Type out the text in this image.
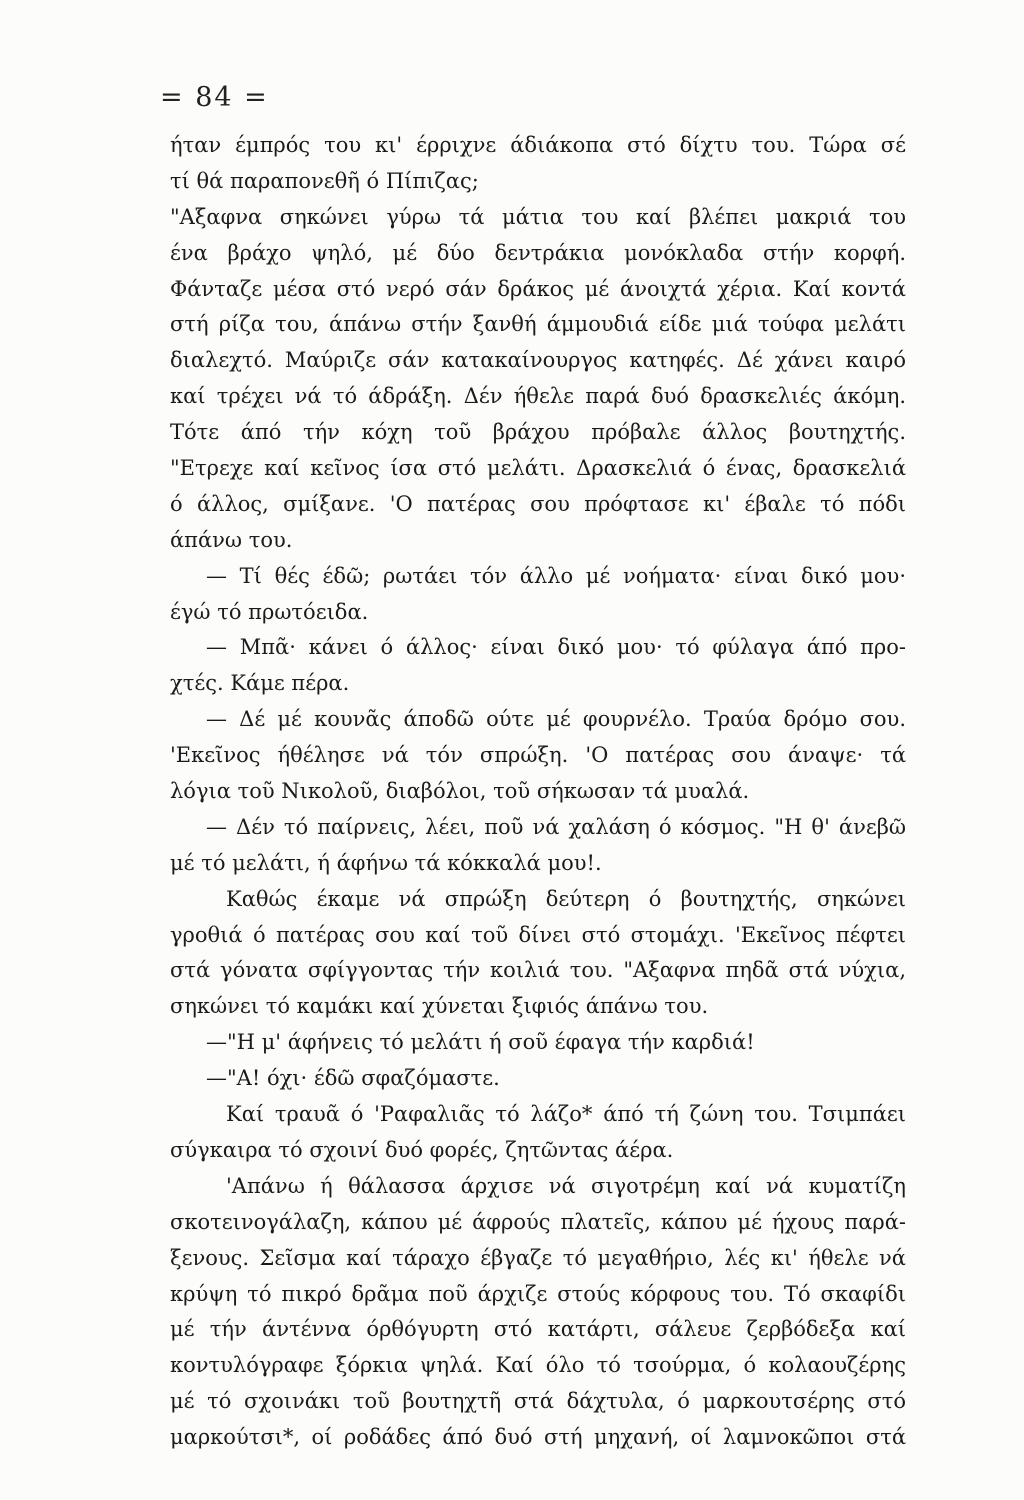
= 84 =
ήταν έμπρός του κι' έρριχνε άδιάκοπα στό δίχτυ του. Τώρα σέ
τί θά παραπονεθῆ ό Πίπιζας;
"Αξαφνα σηκώνει γύρω τά μάτια του καί βλέπει μακριά του
ένα βράχο ψηλό, μέ δύο δεντράκια μονόκλαδα στήν κορφή.
Φάνταζε μέσα στό νερό σάν δράκος μέ άνοιχτά χέρια. Καί κοντά
στή ρίζα του, άπάνω στήν ξανθή άμμουδιά είδε μιά τούφα μελάτι
διαλεχτό. Μαύριζε σάν κατακαίνουργος κατηφές. Δέ χάνει καιρό
καί τρέχει νά τό άδράξη. Δέν ήθελε παρά δυό δρασκελιές άκόμη.
Τότε άπό τήν κόχη τοῦ βράχου πρόβαλε άλλος βουτηχτής.
"Ετρεχε καί κεῖνος ίσα στό μελάτι. Δρασκελιά ό ένας, δρασκελιά
ό άλλος, σμίξανε. 'Ο πατέρας σου πρόφτασε κι' έβαλε τό πόδι
άπάνω του.
— Τί θές έδῶ; ρωτάει τόν άλλο μέ νοήματα· είναι δικό μου·
έγώ τό πρωτόειδα.
— Μπᾶ· κάνει ό άλλος· είναι δικό μου· τό φύλαγα άπό προ-
χτές. Κάμε πέρα.
— Δέ μέ κουνᾶς άποδῶ ούτε μέ φουρνέλο. Τραύα δρόμο σου.
'Εκεῖνος ήθέλησε νά τόν σπρώξη. 'Ο πατέρας σου άναψε· τά
λόγια τοῦ Νικολοῦ, διαβόλοι, τοῦ σήκωσαν τά μυαλά.
— Δέν τό παίρνεις, λέει, ποῦ νά χαλάση ό κόσμος. "Η θ' άνεβῶ
μέ τό μελάτι, ή άφήνω τά κόκκαλά μου!.
Καθώς έκαμε νά σπρώξη δεύτερη ό βουτηχτής, σηκώνει
γροθιά ό πατέρας σου καί τοῦ δίνει στό στομάχι. 'Εκεῖνος πέφτει
στά γόνατα σφίγγοντας τήν κοιλιά του. "Αξαφνα πηδᾶ στά νύχια,
σηκώνει τό καμάκι καί χύνεται ξιφιός άπάνω του.
—"Η μ' άφήνεις τό μελάτι ή σοῦ έφαγα τήν καρδιά!
—"Α! όχι· έδῶ σφαζόμαστε.
Καί τραυᾶ ό 'Ραφαλιᾶς τό λάζο* άπό τή ζώνη του. Τσιμπάει
σύγκαιρα τό σχοινί δυό φορές, ζητῶντας άέρα.
'Απάνω ή θάλασσα άρχισε νά σιγοτρέμη καί νά κυματίζη
σκοτεινογάλαζη, κάπου μέ άφρούς πλατεῖς, κάπου μέ ήχους παρά-
ξενους. Σεῖσμα καί τάραχο έβγαζε τό μεγαθήριο, λές κι' ήθελε νά
κρύψη τό πικρό δρᾶμα ποῦ άρχιζε στούς κόρφους του. Τό σκαφίδι
μέ τήν άντέννα όρθόγυρτη στό κατάρτι, σάλευε ζερβόδεξα καί
κοντυλόγραφε ξόρκια ψηλά. Καί όλο τό τσούρμα, ό κολαουζέρης
μέ τό σχοινάκι τοῦ βουτηχτῆ στά δάχτυλα, ό μαρκουτσέρης στό
μαρκούτσι*, οί ροδάδες άπό δυό στή μηχανή, οί λαμνοκῶποι στά
